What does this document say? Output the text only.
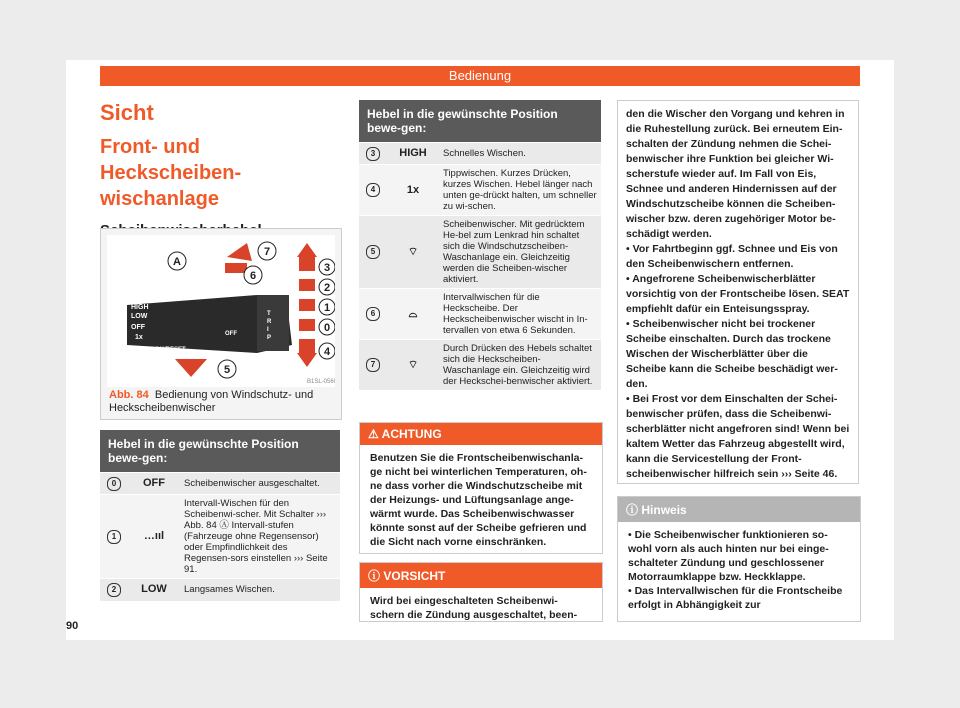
Bedienung
Sicht
Front- und Heckscheiben-
wischanlage
HIGH
LOW
OFF
1x
OK/RESET
OFF
T
R
I
P
A
7
6
3
2
1
0
4
5
B1SL-0560
Abb. 84 Bedienung von Windschutz- und Heckscheibenwischer
Hebel in die gewünschte Position bewe-gen:
0	OFF	Scheibenwischer ausgeschaltet.
1	…ııl	Intervall-Wischen für den Scheibenwi-scher. Mit Schalter ››› Abb. 84 Ⓐ Intervall-stufen (Fahrzeuge ohne Regensensor) oder Empfindlichkeit des Regensen-sors einstellen ››› Seite 91.
2	LOW	Langsames Wischen.
Hebel in die gewünschte Position bewe-gen:
3	HIGH	Schnelles Wischen.
4	1x	Tippwischen. Kurzes Drücken, kurzes Wischen. Hebel länger nach unten ge-drückt halten, um schneller zu wi-schen.
5	⌔	Scheibenwischer. Mit gedrücktem He-bel zum Lenkrad hin schaltet sich die Windschutzscheiben-Waschanlage ein. Gleichzeitig werden die Scheiben-wischer aktiviert.
6	⌓	Intervallwischen für die Heckscheibe. Der Heckscheibenwischer wischt in In-tervallen von etwa 6 Sekunden.
7	⌔	Durch Drücken des Hebels schaltet sich die Heckscheiben-Waschanlage ein. Gleichzeitig wird der Heckschei-benwischer aktiviert.
⚠ ACHTUNG
Benutzen Sie die Frontscheibenwischanla-ge nicht bei winterlichen Temperaturen, oh-ne dass vorher die Windschutzscheibe mit der Heizungs- und Lüftungsanlage ange-wärmt wurde. Das Scheibenwischwasser könnte sonst auf der Scheibe gefrieren und die Sicht nach vorne einschränken.
ⓘ VORSICHT
Wird bei eingeschalteten Scheibenwi-schern die Zündung ausgeschaltet, been-
den die Wischer den Vorgang und kehren in die Ruhestellung zurück. Bei erneutem Ein-schalten der Zündung nehmen die Schei-benwischer ihre Funktion bei gleicher Wi-scherstufe wieder auf. Im Fall von Eis, Schnee und anderen Hindernissen auf der Windschutzscheibe können die Scheiben-wischer bzw. deren zugehöriger Motor be-schädigt werden.
• Vor Fahrtbeginn ggf. Schnee und Eis von den Scheibenwischern entfernen.
• Angefrorene Scheibenwischerblätter vorsichtig von der Frontscheibe lösen. SEAT empfiehlt dafür ein Enteisungsspray.
• Scheibenwischer nicht bei trockener Scheibe einschalten. Durch das trockene Wischen der Wischerblätter über die Scheibe kann die Scheibe beschädigt wer-den.
• Bei Frost vor dem Einschalten der Schei-benwischer prüfen, dass die Scheibenwi-scherblätter nicht angefroren sind! Wenn bei kaltem Wetter das Fahrzeug abgestellt wird, kann die Servicestellung der Front-scheibenwischer hilfreich sein ››› Seite 46.
ⓘ Hinweis
• Die Scheibenwischer funktionieren so-wohl vorn als auch hinten nur bei einge-schalteter Zündung und geschlossener Motorraumklappe bzw. Heckklappe.
• Das Intervallwischen für die Frontscheibe erfolgt in Abhängigkeit zur
90
